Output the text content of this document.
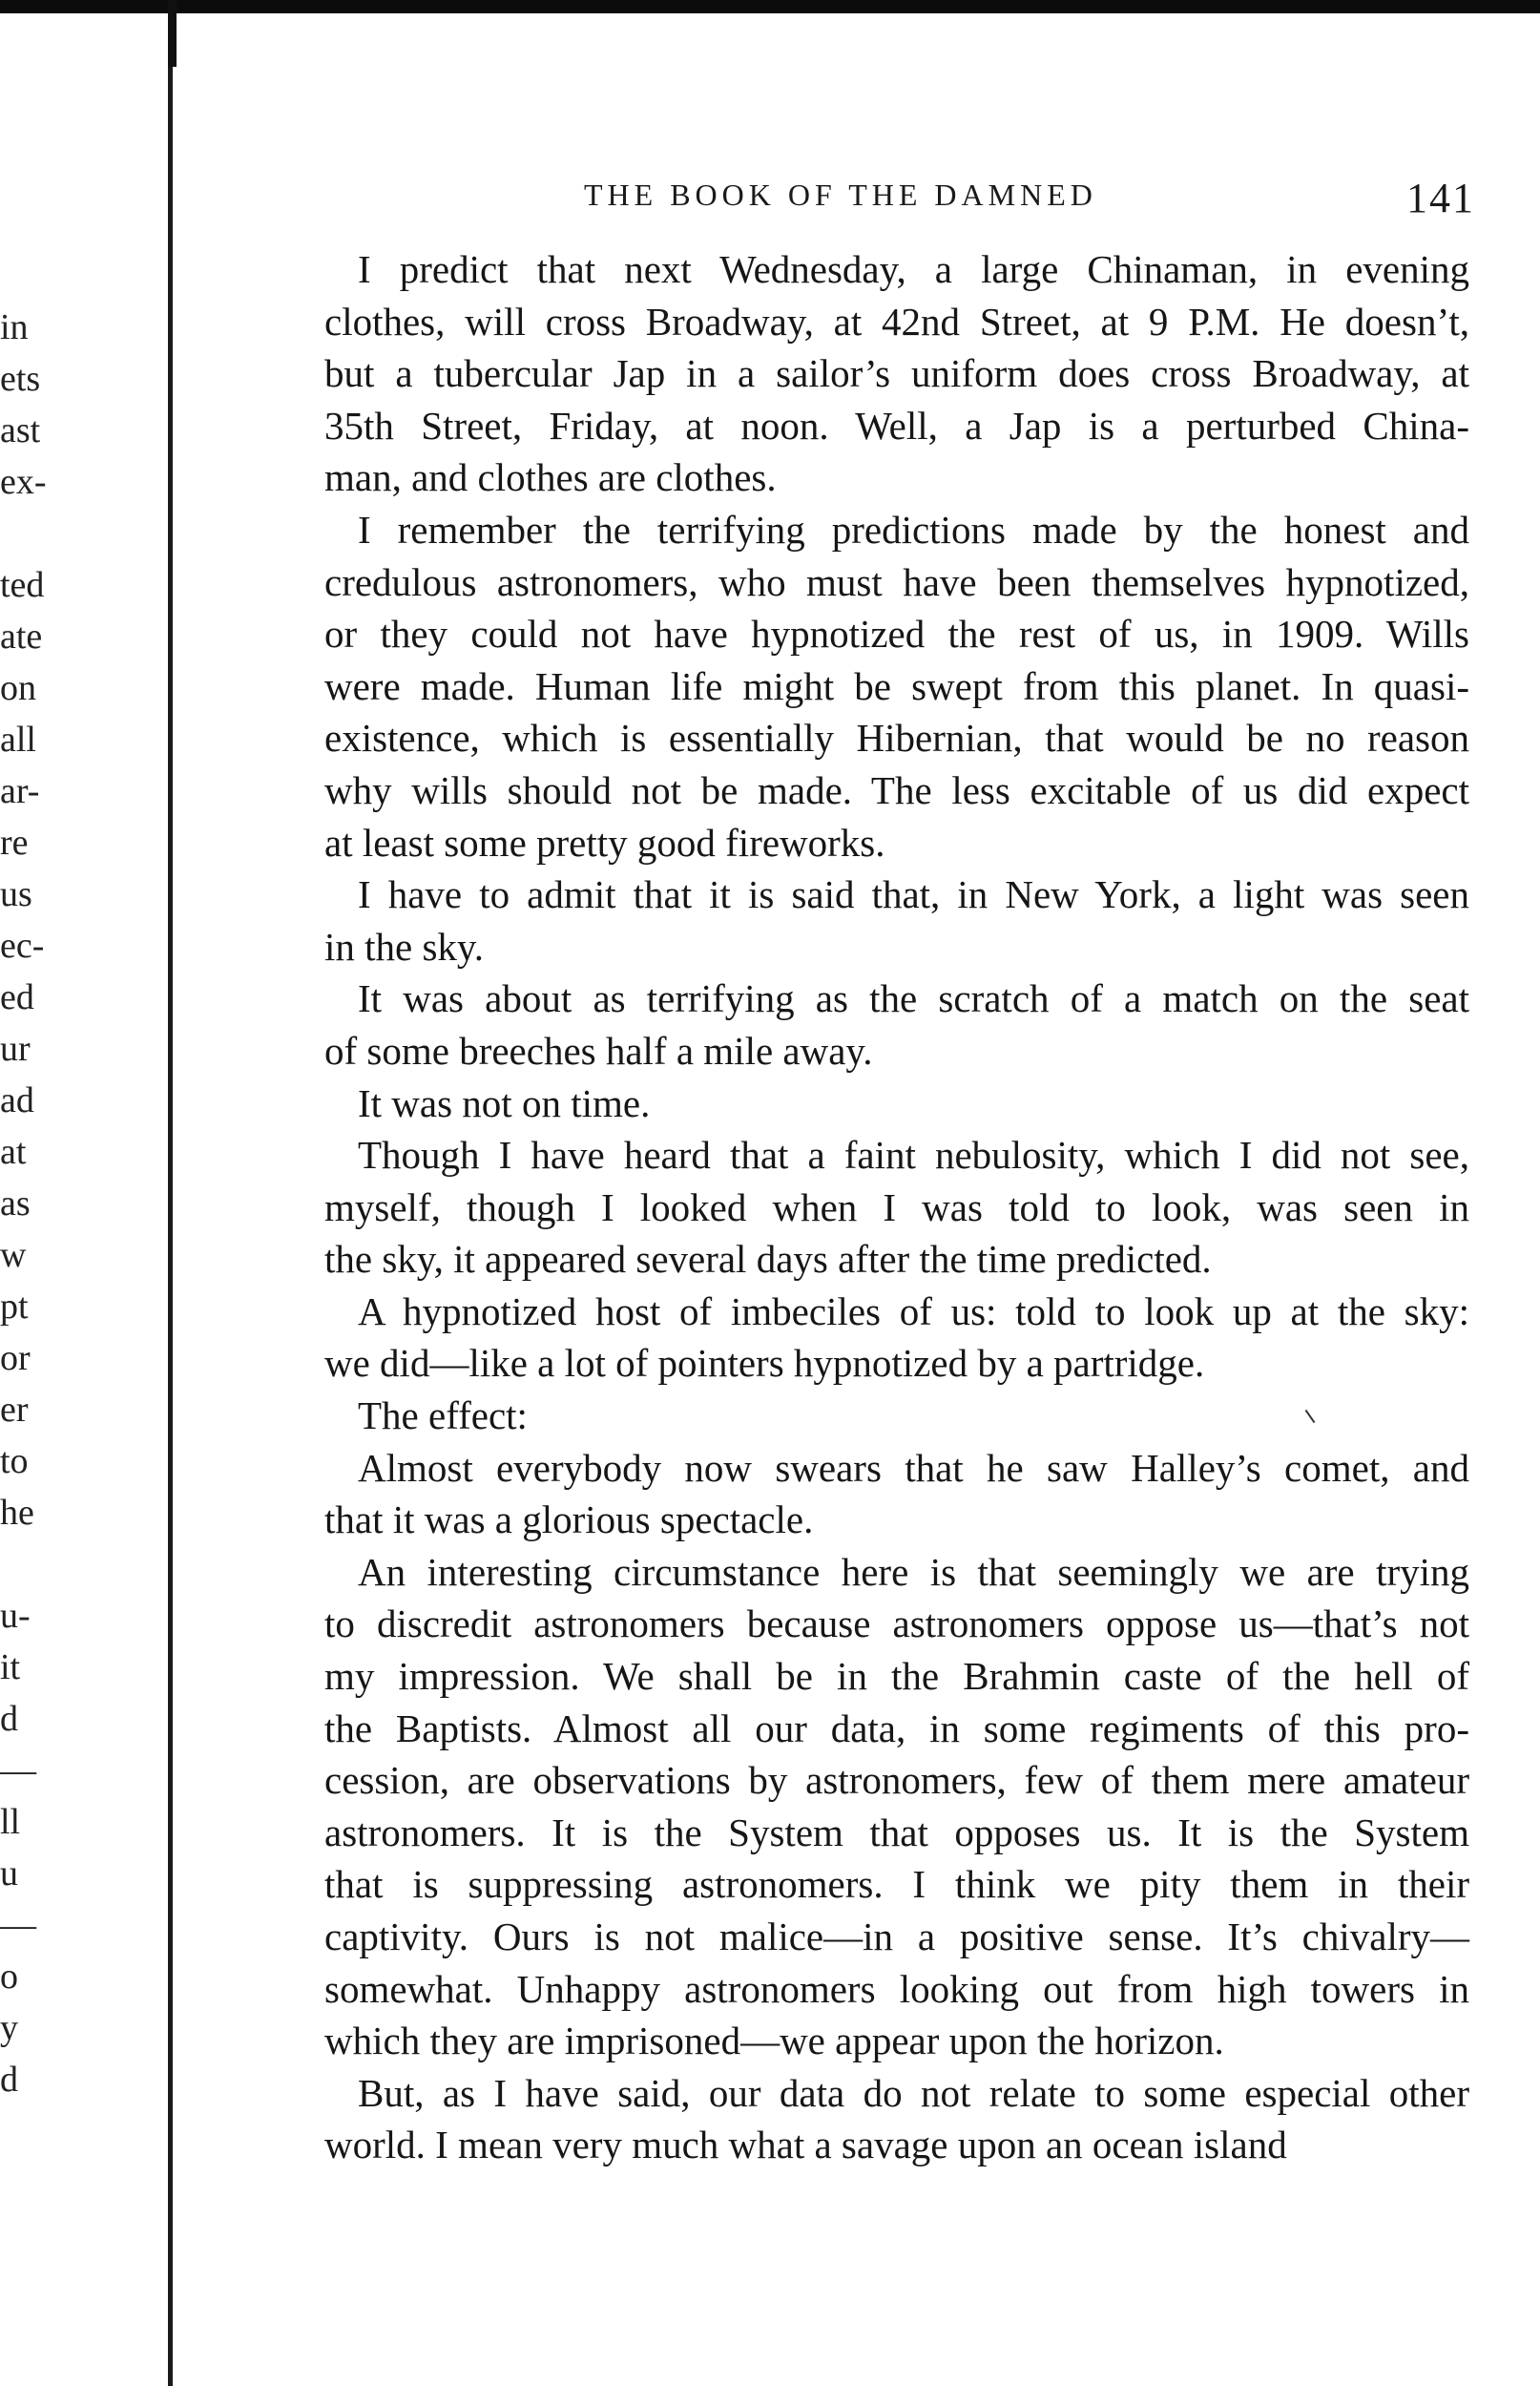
in
ets
ast
ex-
ted
ate
on
all
ar-
re
us
ec-
ed
ur
ad
at
as
w
pt
or
er
to
he
u-
it
d
—
ll
u
—
o
y
d
THE BOOK OF THE DAMNED	141
I predict that next Wednesday, a large Chinaman, in evening
clothes, will cross Broadway, at 42nd Street, at 9 P.M. He doesn’t,
but a tubercular Jap in a sailor’s uniform does cross Broadway, at
35th Street, Friday, at noon. Well, a Jap is a perturbed China-
man, and clothes are clothes.
I remember the terrifying predictions made by the honest and
credulous astronomers, who must have been themselves hypnotized,
or they could not have hypnotized the rest of us, in 1909. Wills
were made. Human life might be swept from this planet. In quasi-
existence, which is essentially Hibernian, that would be no reason
why wills should not be made. The less excitable of us did expect
at least some pretty good fireworks.
I have to admit that it is said that, in New York, a light was seen
in the sky.
It was about as terrifying as the scratch of a match on the seat
of some breeches half a mile away.
It was not on time.
Though I have heard that a faint nebulosity, which I did not see,
myself, though I looked when I was told to look, was seen in
the sky, it appeared several days after the time predicted.
A hypnotized host of imbeciles of us: told to look up at the sky:
we did—like a lot of pointers hypnotized by a partridge.
The effect:
Almost everybody now swears that he saw Halley’s comet, and
that it was a glorious spectacle.
An interesting circumstance here is that seemingly we are trying
to discredit astronomers because astronomers oppose us—that’s not
my impression. We shall be in the Brahmin caste of the hell of
the Baptists. Almost all our data, in some regiments of this pro-
cession, are observations by astronomers, few of them mere amateur
astronomers. It is the System that opposes us. It is the System
that is suppressing astronomers. I think we pity them in their
captivity. Ours is not malice—in a positive sense. It’s chivalry—
somewhat. Unhappy astronomers looking out from high towers in
which they are imprisoned—we appear upon the horizon.
But, as I have said, our data do not relate to some especial other
world. I mean very much what a savage upon an ocean island
